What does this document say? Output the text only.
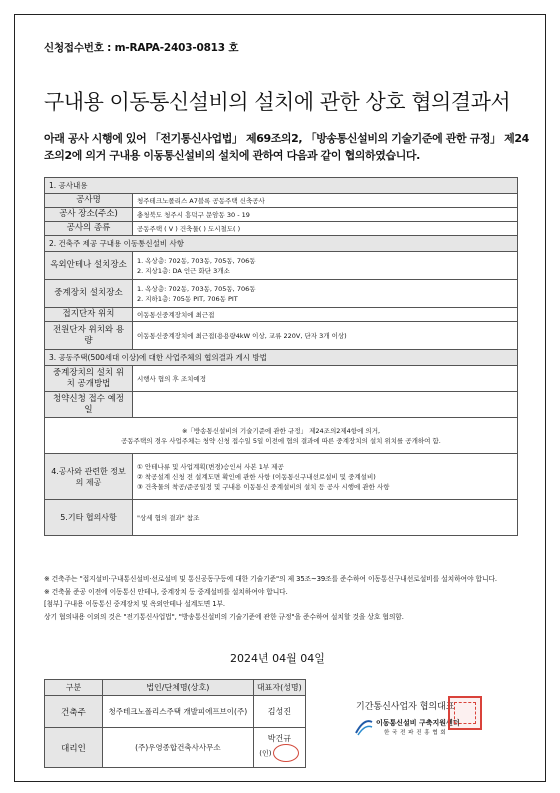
신청접수번호 : m-RAPA-2403-0813 호
구내용 이동통신설비의 설치에 관한 상호 협의결과서
아래 공사 시행에 있어 「전기통신사업법」 제69조의2, 「방송통신설비의 기술기준에 관한 규정」 제24조의2에 의거 구내용 이동통신설비의 설치에 관하여 다음과 같이 협의하였습니다.
1. 공사내용	
공사명	청주테크노폴리스 A7블록 공동주택 신축공사
공사 장소(주소)	충청북도 청주시 흥덕구 문암동 30 - 19
공사의 종류	공동주택 ( V ) 건축물( ) 도시철도( )
2. 건축주 제공 구내용 이동통신설비 사항	
옥외안테나 설치장소	1. 옥상층: 702동, 703동, 705동, 706동
2. 지상1층: DA 인근 화단 3개소

중계장치 설치장소	1. 옥상층: 702동, 703동, 705동, 706동
2. 지하1층: 705동 PIT, 706동 PIT

접지단자 위치	이동통신중계장치에 최근접
전원단자 위치와 용량	이동통신중계장치에 최근접(용용량4kW 이상, 교류 220V, 단자 3개 이상)
3. 공동주택(500세대 이상)에 대한 사업주체의 협의결과 게시 방법	
중계장치의 설치 위치 공개방법	시행사 협의 후 조치예정
청약신청 접수 예정일	

※「방송통신설비의 기술기준에 관한 규정」 제24조의2제4항에 의거,
공동주택의 경우 사업주체는 청약 신청 접수일 5일 이전에 협의 결과에 따른 중계장치의 설치 위치를 공개하여 함.	

4.공사와 관련한 정보의 제공	① 안테나류 및 사업계획(변경)승인서 사본 1부 제공
② 착공설계 신청 전 설계도면 확인에 관한 사항 (이동통신구내선로설비 및 중계설비)
③ 건축물의 착공/준공일정 및 구내용 이동통신 중계설비의 설치 등 공사 시행에 관한 사항

5.기타 협의사항	"상세 협의 결과" 참조
※ 건축주는 "접지설비·구내통신설비·선로설비 및 통신공동구등에 대한 기술기준"의 제 35조~39조를 준수하여 이동통신구내선로설비를 설치하여야 합니다.
※ 건축물 준공 이전에 이동통신 안테나, 중계장치 등 중계설비를 설치하여야 합니다.
[첨부] 구내용 이동통신 중계장치 및 옥외안테나 설계도면 1부.
상기 협의내용 이외의 것은 "전기통신사업법", "방송통신설비의 기술기준에 관한 규정"을 준수하여 설치할 것을 상호 협의함.
2024년 04월 04일
구분	법인/단체명(상호)	대표자(성명)
건축주	청주테크노폴리스주택 개발피에프브이(주)	김성진
대리인	(주)우영종합건축사사무소	박건규
(인)
기간통신사업자 협의대표
이동통신설비 구축지원센터
한 국 전 파 진 흥 협 회
